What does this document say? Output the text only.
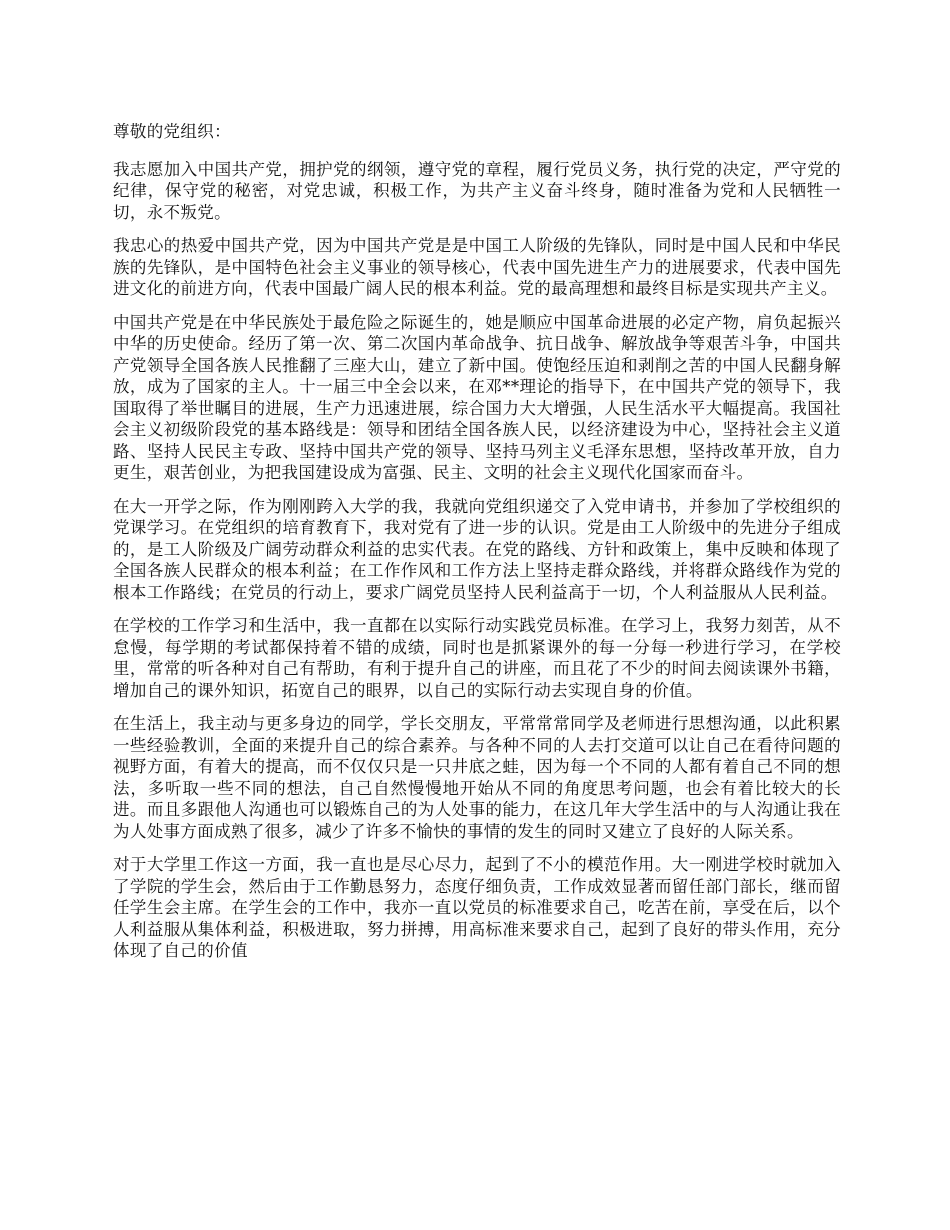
尊敬的党组织：

我志愿加入中国共产党，拥护党的纲领，遵守党的章程，履行党员义务，执行党的决定，严守党的纪律，保守党的秘密，对党忠诚，积极工作，为共产主义奋斗终身，随时准备为党和人民牺牲一切，永不叛党。

我忠心的热爱中国共产党，因为中国共产党是是中国工人阶级的先锋队，同时是中国人民和中华民族的先锋队，是中国特色社会主义事业的领导核心，代表中国先进生产力的进展要求，代表中国先进文化的前进方向，代表中国最广阔人民的根本利益。党的最高理想和最终目标是实现共产主义。

中国共产党是在中华民族处于最危险之际诞生的，她是顺应中国革命进展的必定产物，肩负起振兴中华的历史使命。经历了第一次、第二次国内革命战争、抗日战争、解放战争等艰苦斗争，中国共产党领导全国各族人民推翻了三座大山，建立了新中国。使饱经压迫和剥削之苦的中国人民翻身解放，成为了国家的主人。十一届三中全会以来，在邓**理论的指导下，在中国共产党的领导下，我国取得了举世瞩目的进展，生产力迅速进展，综合国力大大增强，人民生活水平大幅提高。我国社会主义初级阶段党的基本路线是：领导和团结全国各族人民，以经济建设为中心，坚持社会主义道路、坚持人民民主专政、坚持中国共产党的领导、坚持马列主义毛泽东思想，坚持改革开放，自力更生，艰苦创业，为把我国建设成为富强、民主、文明的社会主义现代化国家而奋斗。

在大一开学之际，作为刚刚跨入大学的我，我就向党组织递交了入党申请书，并参加了学校组织的党课学习。在党组织的培育教育下，我对党有了进一步的认识。党是由工人阶级中的先进分子组成的，是工人阶级及广阔劳动群众利益的忠实代表。在党的路线、方针和政策上，集中反映和体现了全国各族人民群众的根本利益；在工作作风和工作方法上坚持走群众路线，并将群众路线作为党的根本工作路线；在党员的行动上，要求广阔党员坚持人民利益高于一切，个人利益服从人民利益。

在学校的工作学习和生活中，我一直都在以实际行动实践党员标准。在学习上，我努力刻苦，从不怠慢，每学期的考试都保持着不错的成绩，同时也是抓紧课外的每一分每一秒进行学习，在学校里，常常的听各种对自己有帮助，有利于提升自己的讲座，而且花了不少的时间去阅读课外书籍，增加自己的课外知识，拓宽自己的眼界，以自己的实际行动去实现自身的价值。

在生活上，我主动与更多身边的同学，学长交朋友，平常常常同学及老师进行思想沟通，以此积累一些经验教训，全面的来提升自己的综合素养。与各种不同的人去打交道可以让自己在看待问题的视野方面，有着大的提高，而不仅仅只是一只井底之蛙，因为每一个不同的人都有着自己不同的想法，多听取一些不同的想法，自己自然慢慢地开始从不同的角度思考问题，也会有着比较大的长进。而且多跟他人沟通也可以锻炼自己的为人处事的能力，在这几年大学生活中的与人沟通让我在为人处事方面成熟了很多，减少了许多不愉快的事情的发生的同时又建立了良好的人际关系。

对于大学里工作这一方面，我一直也是尽心尽力，起到了不小的模范作用。大一刚进学校时就加入了学院的学生会，然后由于工作勤恳努力，态度仔细负责，工作成效显著而留任部门部长，继而留任学生会主席。在学生会的工作中，我亦一直以党员的标准要求自己，吃苦在前，享受在后，以个人利益服从集体利益，积极进取，努力拼搏，用高标准来要求自己，起到了良好的带头作用，充分体现了自己的价值
